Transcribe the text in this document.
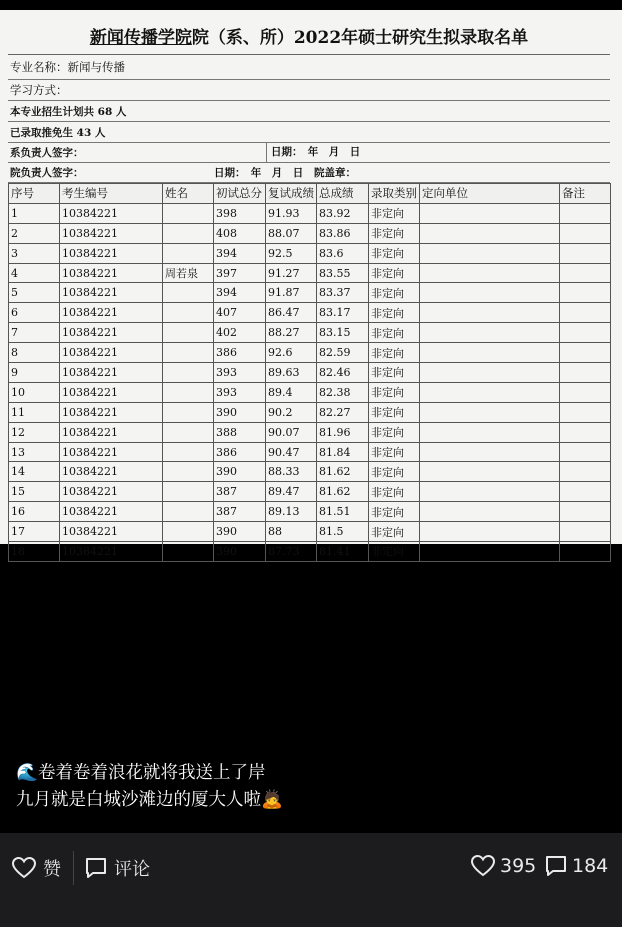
新闻传播学院 院（系、所）2022年硕士研究生拟录取名单
专业名称：新闻与传播
学习方式：
本专业招生计划共 68 人
已录取推免生 43 人
系负责人签字：	日期：　年　月　日
院负责人签字：	日期：　年　月　日 院盖章：
序号	考生编号	姓名	初试总分	复试成绩	总成绩	录取类别	定向单位	备注
1	10384221		398	91.93	83.92	非定向		
2	10384221		408	88.07	83.86	非定向		
3	10384221		394	92.5	83.6	非定向		
4	10384221	周若泉	397	91.27	83.55	非定向		
5	10384221		394	91.87	83.37	非定向		
6	10384221		407	86.47	83.17	非定向		
7	10384221		402	88.27	83.15	非定向		
8	10384221		386	92.6	82.59	非定向		
9	10384221		393	89.63	82.46	非定向		
10	10384221		393	89.4	82.38	非定向		
11	10384221		390	90.2	82.27	非定向		
12	10384221		388	90.07	81.96	非定向		
13	10384221		386	90.47	81.84	非定向		
14	10384221		390	88.33	81.62	非定向		
15	10384221		387	89.47	81.62	非定向		
16	10384221		387	89.13	81.51	非定向		
17	10384221		390	88	81.5	非定向		
18	10384221		390	87.73	81.41	非定向		
🌊卷着卷着浪花就将我送上了岸
九月就是白城沙滩边的厦大人啦🙇
赞	评论	395 184
